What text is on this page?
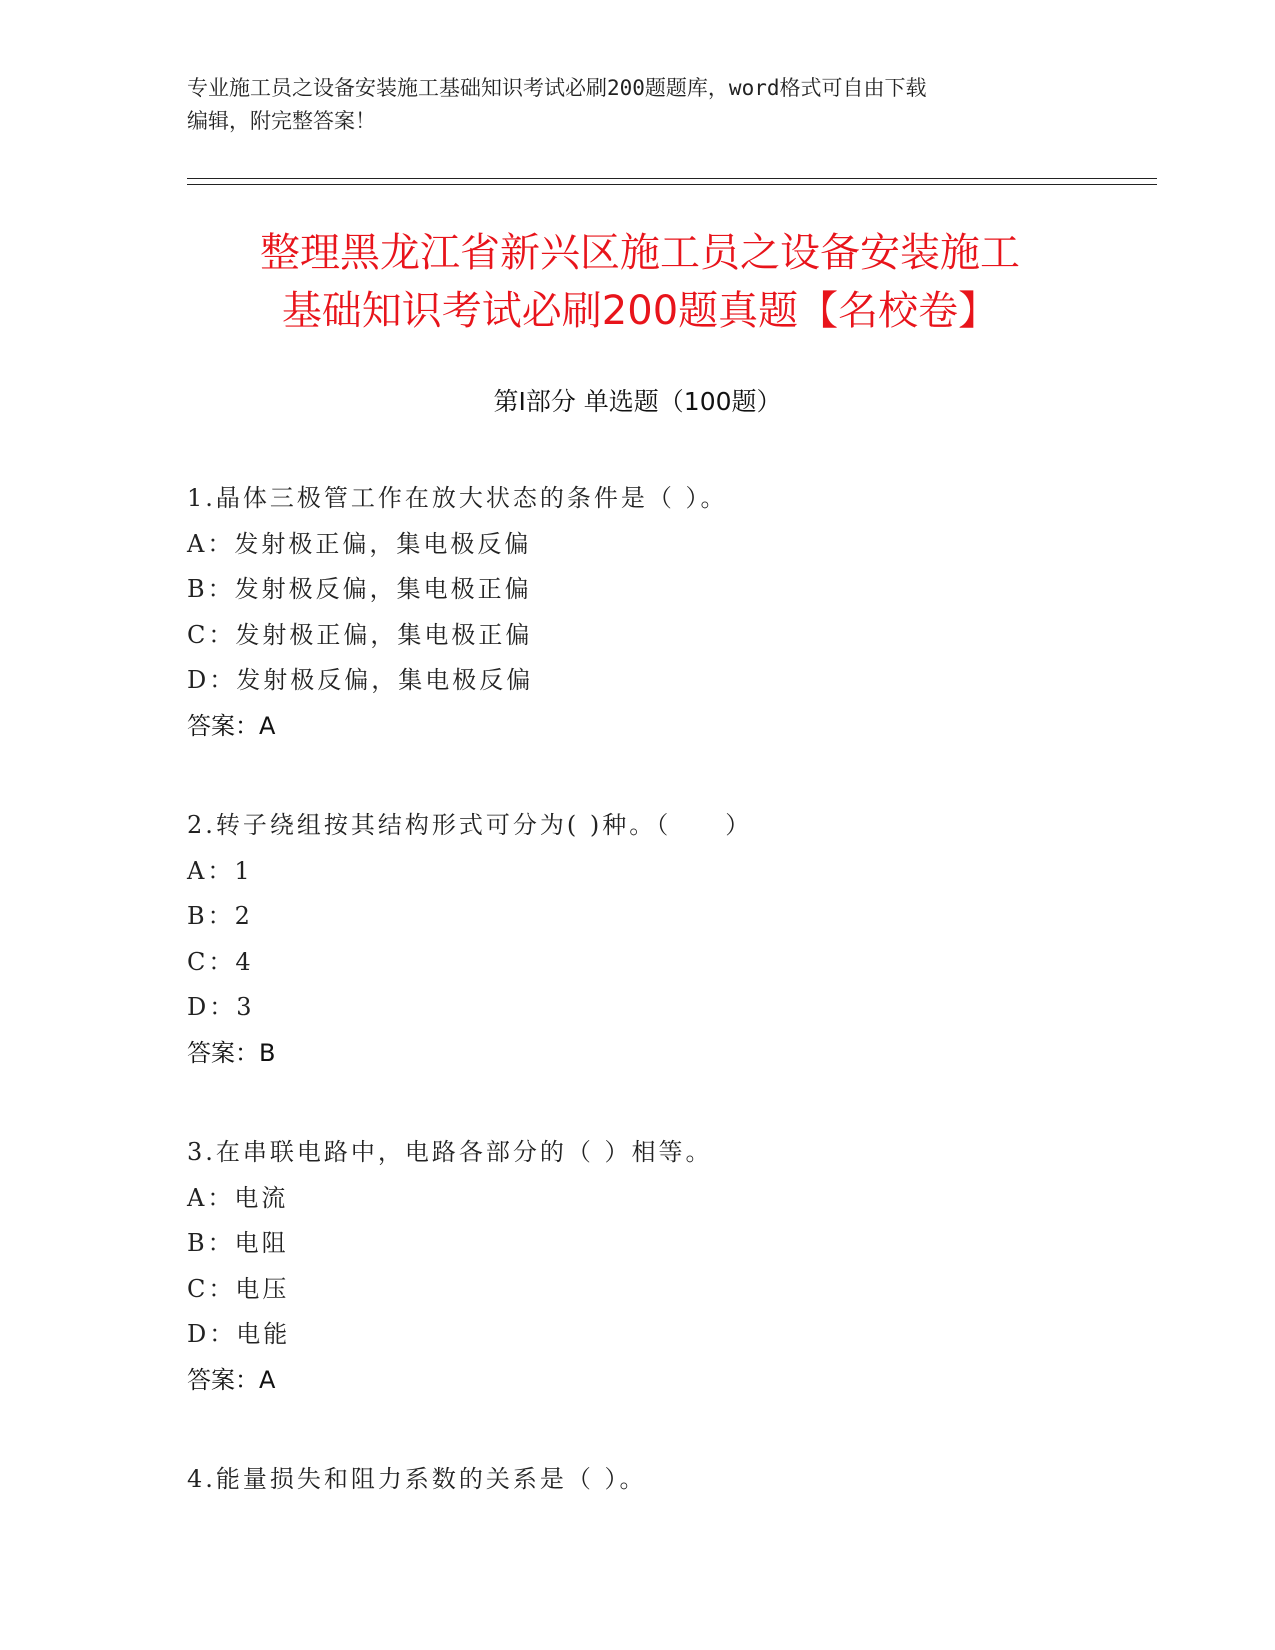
专业施工员之设备安装施工基础知识考试必刷200题题库，word格式可自由下载
编辑，附完整答案！
整理黑龙江省新兴区施工员之设备安装施工
基础知识考试必刷200题真题【名校卷】
第Ⅰ部分 单选题（100题）
1.晶体三极管工作在放大状态的条件是（ ）。
A：发射极正偏，集电极反偏
B：发射极反偏，集电极正偏
C：发射极正偏，集电极正偏
D：发射极反偏，集电极反偏
答案：A
2.转子绕组按其结构形式可分为( )种。（　　）
A：1
B：2
C：4
D：3
答案：B
3.在串联电路中，电路各部分的（ ）相等。
A：电流
B：电阻
C：电压
D：电能
答案：A
4.能量损失和阻力系数的关系是（ ）。
